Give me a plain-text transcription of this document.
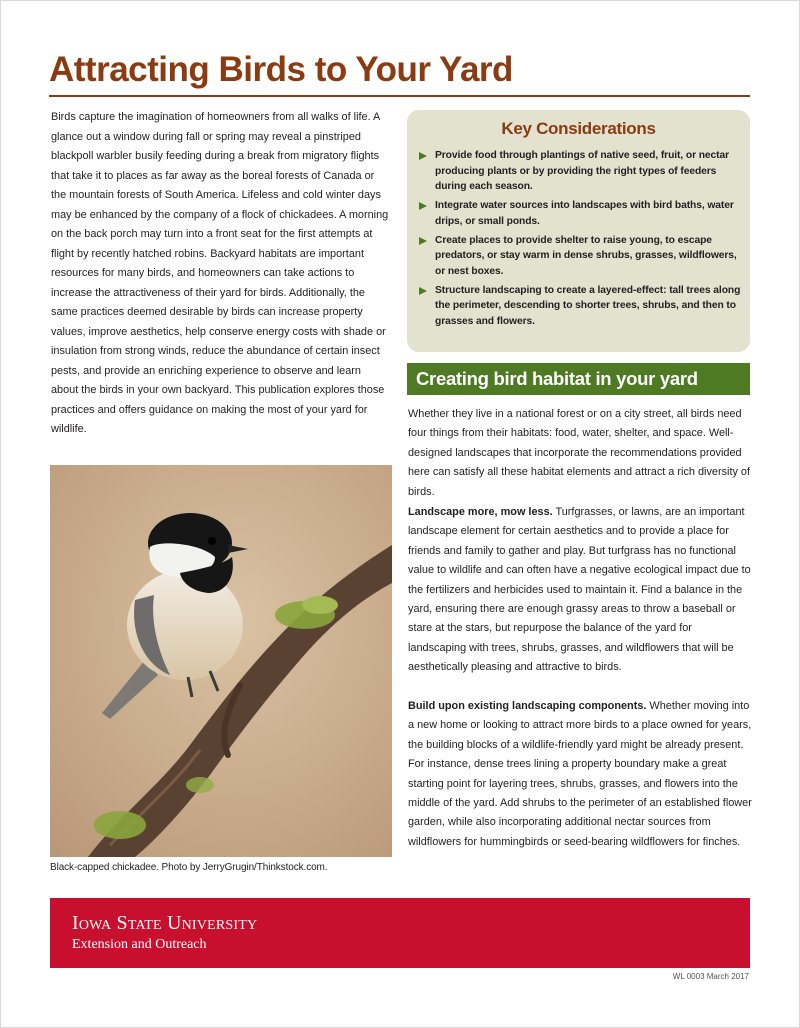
Attracting Birds to Your Yard

Birds capture the imagination of homeowners from all walks of life. A glance out a window during fall or spring may reveal a pinstriped blackpoll warbler busily feeding during a break from migratory flights that take it to places as far away as the boreal forests of Canada or the mountain forests of South America. Lifeless and cold winter days may be enhanced by the company of a flock of chickadees. A morning on the back porch may turn into a front seat for the first attempts at flight by recently hatched robins. Backyard habitats are important resources for many birds, and homeowners can take actions to increase the attractiveness of their yard for birds. Additionally, the same practices deemed desirable by birds can increase property values, improve aesthetics, help conserve energy costs with shade or insulation from strong winds, reduce the abundance of certain insect pests, and provide an enriching experience to observe and learn about the birds in your own backyard. This publication explores those practices and offers guidance on making the most of your yard for wildlife.

Black-capped chickadee. Photo by JerryGrugin/Thinkstock.com.

Key Considerations
Provide food through plantings of native seed, fruit, or nectar producing plants or by providing the right types of feeders during each season.
Integrate water sources into landscapes with bird baths, water drips, or small ponds.
Create places to provide shelter to raise young, to escape predators, or stay warm in dense shrubs, grasses, wildflowers, or nest boxes.
Structure landscaping to create a layered-effect: tall trees along the perimeter, descending to shorter trees, shrubs, and then to grasses and flowers.
Creating bird habitat in your yard

Whether they live in a national forest or on a city street, all birds need four things from their habitats: food, water, shelter, and space. Well-designed landscapes that incorporate the recommendations provided here can satisfy all these habitat elements and attract a rich diversity of birds.

Landscape more, mow less. Turfgrasses, or lawns, are an important landscape element for certain aesthetics and to provide a place for friends and family to gather and play. But turfgrass has no functional value to wildlife and can often have a negative ecological impact due to the fertilizers and herbicides used to maintain it. Find a balance in the yard, ensuring there are enough grassy areas to throw a baseball or stare at the stars, but repurpose the balance of the yard for landscaping with trees, shrubs, grasses, and wildflowers that will be aesthetically pleasing and attractive to birds.

Build upon existing landscaping components. Whether moving into a new home or looking to attract more birds to a place owned for years, the building blocks of a wildlife-friendly yard might be already present. For instance, dense trees lining a property boundary make a great starting point for layering trees, shrubs, grasses, and flowers into the middle of the yard. Add shrubs to the perimeter of an established flower garden, while also incorporating additional nectar sources from wildflowers for hummingbirds or seed-bearing wildflowers for finches.

Iowa State University

Extension and Outreach

WL 0003 March 2017
